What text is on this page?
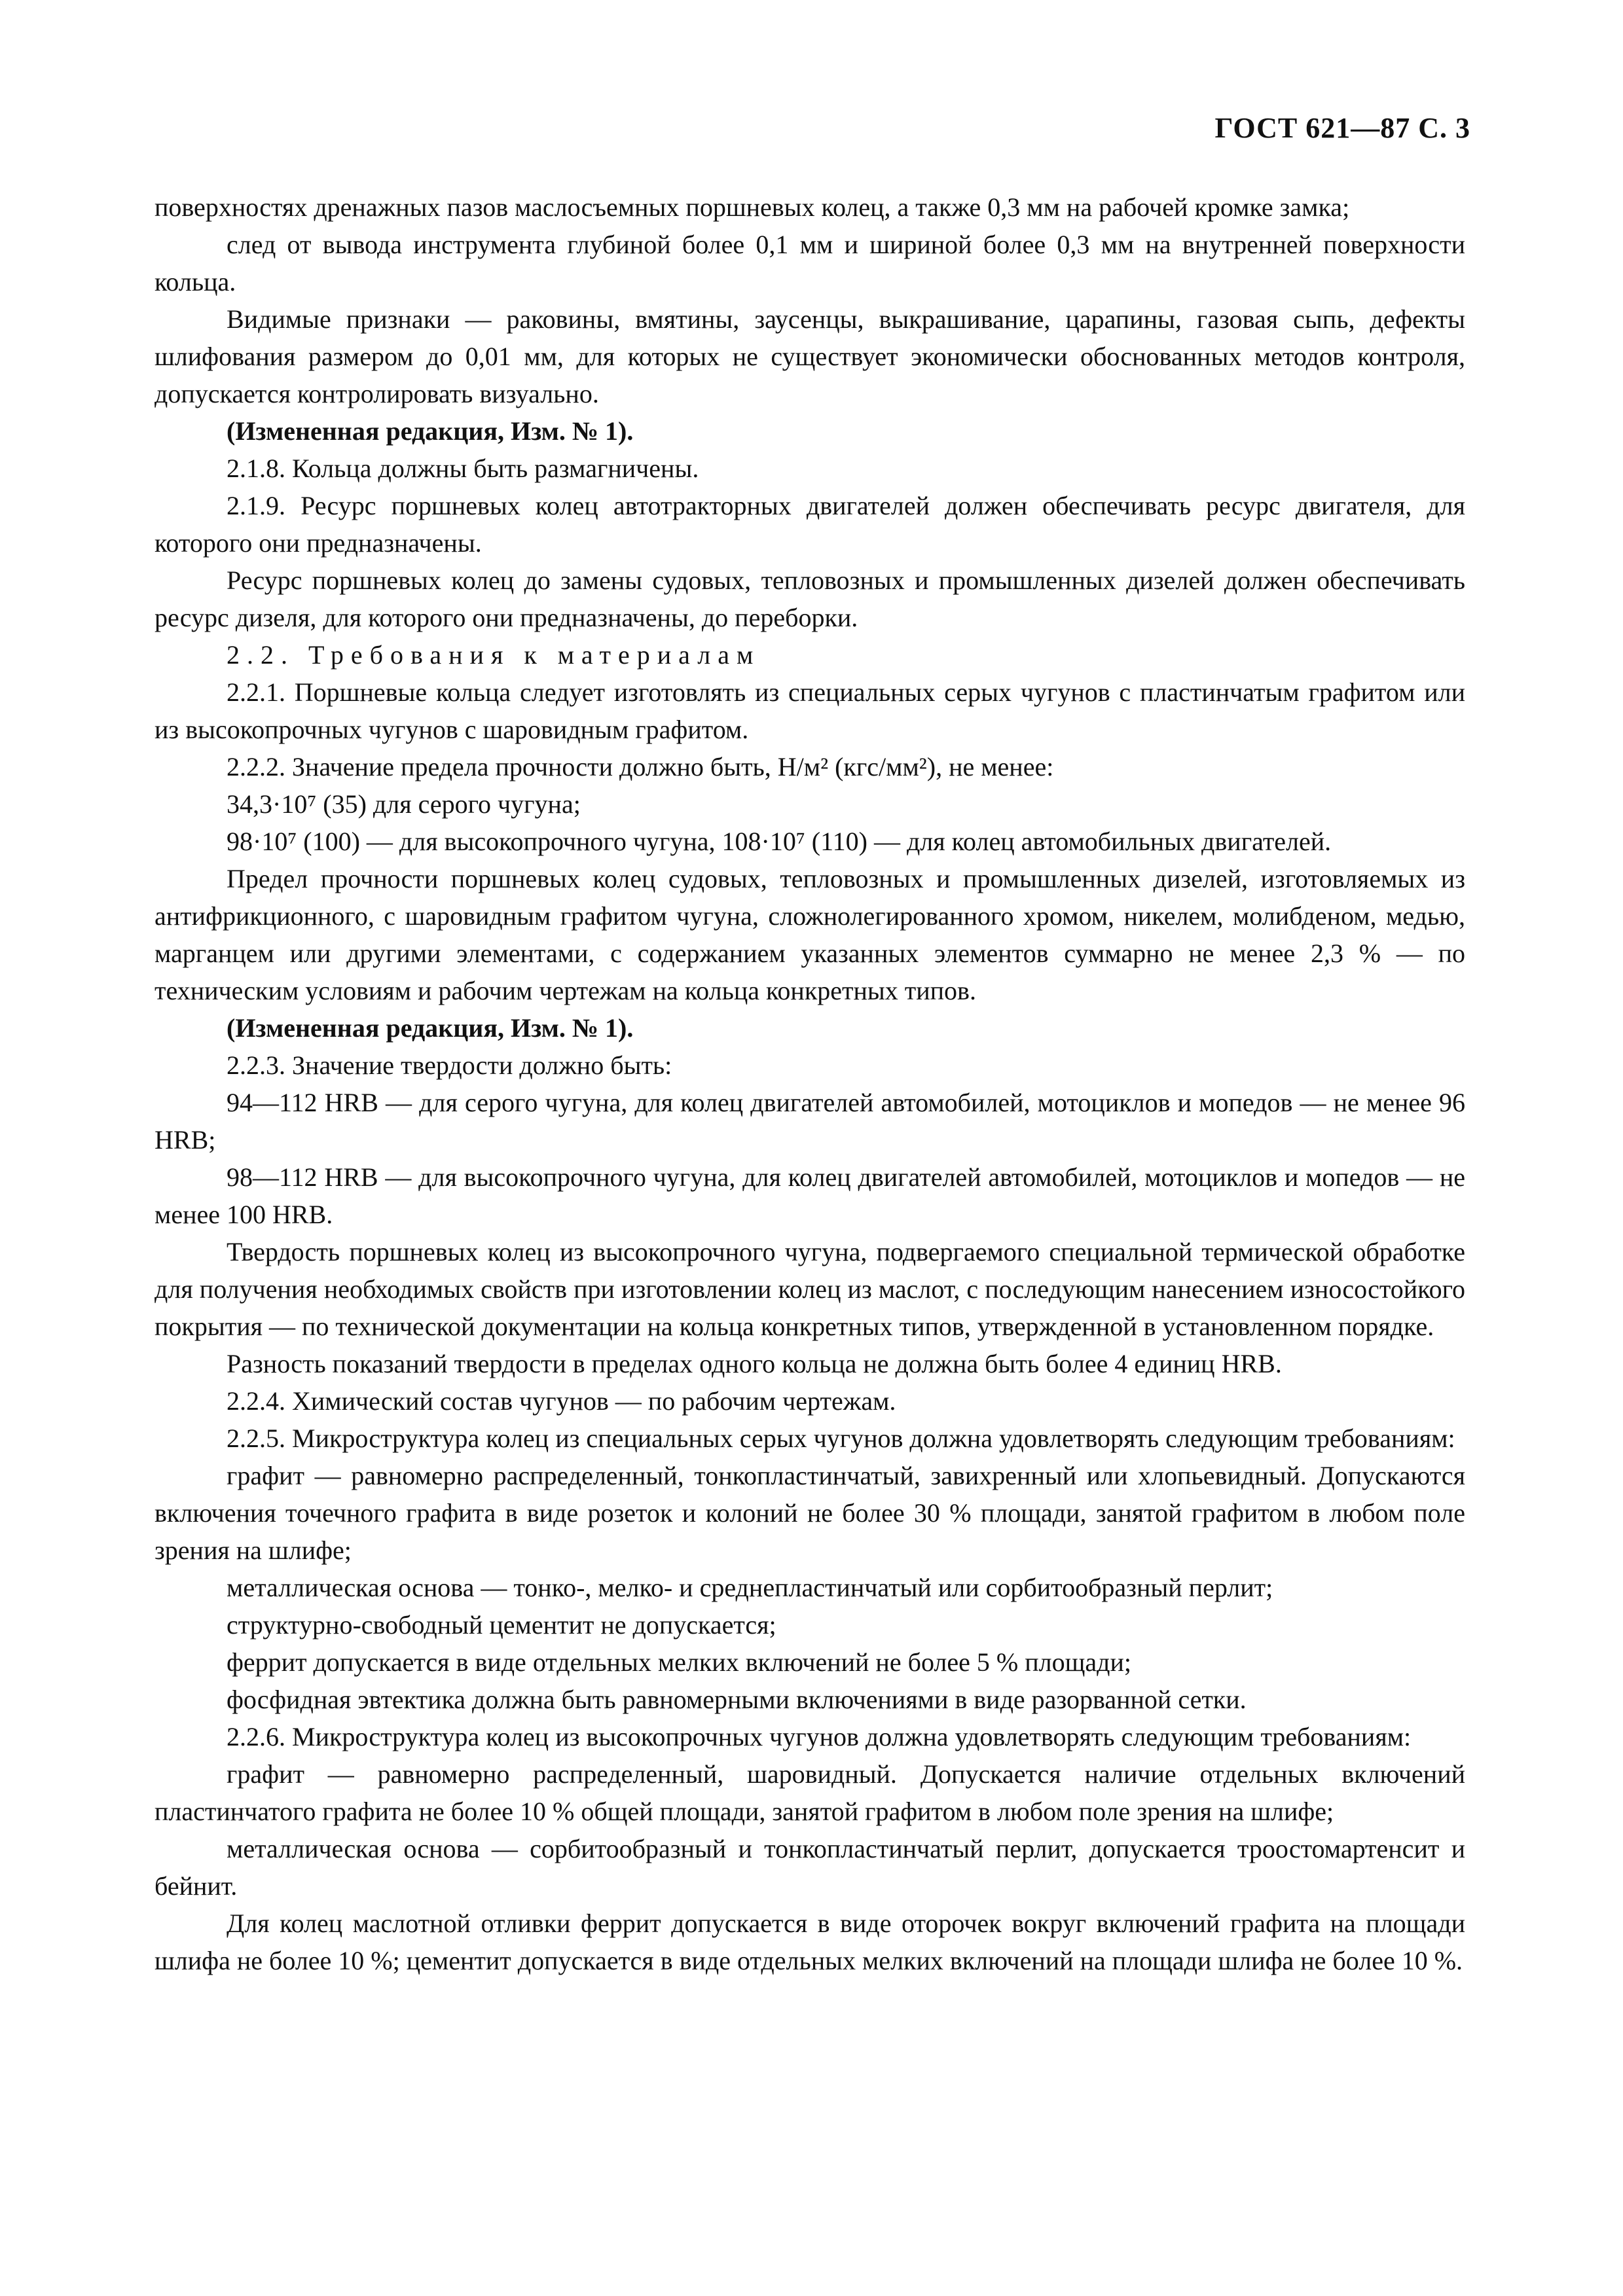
ГОСТ 621—87 С. 3

поверхностях дренажных пазов маслосъемных поршневых колец, а также 0,3 мм на рабочей кромке замка;

след от вывода инструмента глубиной более 0,1 мм и шириной более 0,3 мм на внутренней поверхности кольца.

Видимые признаки — раковины, вмятины, заусенцы, выкрашивание, царапины, газовая сыпь, дефекты шлифования размером до 0,01 мм, для которых не существует экономически обоснованных методов контроля, допускается контролировать визуально.

(Измененная редакция, Изм. № 1).

2.1.8. Кольца должны быть размагничены.

2.1.9. Ресурс поршневых колец автотракторных двигателей должен обеспечивать ресурс двигателя, для которого они предназначены.

Ресурс поршневых колец до замены судовых, тепловозных и промышленных дизелей должен обеспечивать ресурс дизеля, для которого они предназначены, до переборки.

2.2. Требования к материалам

2.2.1. Поршневые кольца следует изготовлять из специальных серых чугунов с пластинчатым графитом или из высокопрочных чугунов с шаровидным графитом.

2.2.2. Значение предела прочности должно быть, Н/м² (кгс/мм²), не менее:

34,3·10⁷ (35) для серого чугуна;

98·10⁷ (100) — для высокопрочного чугуна, 108·10⁷ (110) — для колец автомобильных двигателей.

Предел прочности поршневых колец судовых, тепловозных и промышленных дизелей, изготовляемых из антифрикционного, с шаровидным графитом чугуна, сложнолегированного хромом, никелем, молибденом, медью, марганцем или другими элементами, с содержанием указанных элементов суммарно не менее 2,3 % — по техническим условиям и рабочим чертежам на кольца конкретных типов.

(Измененная редакция, Изм. № 1).

2.2.3. Значение твердости должно быть:

94—112 HRB — для серого чугуна, для колец двигателей автомобилей, мотоциклов и мопедов — не менее 96 HRB;

98—112 HRB — для высокопрочного чугуна, для колец двигателей автомобилей, мотоциклов и мопедов — не менее 100 HRB.

Твердость поршневых колец из высокопрочного чугуна, подвергаемого специальной термической обработке для получения необходимых свойств при изготовлении колец из маслот, с последующим нанесением износостойкого покрытия — по технической документации на кольца конкретных типов, утвержденной в установленном порядке.

Разность показаний твердости в пределах одного кольца не должна быть более 4 единиц HRB.

2.2.4. Химический состав чугунов — по рабочим чертежам.

2.2.5. Микроструктура колец из специальных серых чугунов должна удовлетворять следующим требованиям:

графит — равномерно распределенный, тонкопластинчатый, завихренный или хлопьевидный. Допускаются включения точечного графита в виде розеток и колоний не более 30 % площади, занятой графитом в любом поле зрения на шлифе;

металлическая основа — тонко-, мелко- и среднепластинчатый или сорбитообразный перлит;

структурно-свободный цементит не допускается;

феррит допускается в виде отдельных мелких включений не более 5 % площади;

фосфидная эвтектика должна быть равномерными включениями в виде разорванной сетки.

2.2.6. Микроструктура колец из высокопрочных чугунов должна удовлетворять следующим требованиям:

графит — равномерно распределенный, шаровидный. Допускается наличие отдельных включений пластинчатого графита не более 10 % общей площади, занятой графитом в любом поле зрения на шлифе;

металлическая основа — сорбитообразный и тонкопластинчатый перлит, допускается троостомартенсит и бейнит.

Для колец маслотной отливки феррит допускается в виде оторочек вокруг включений графита на площади шлифа не более 10 %; цементит допускается в виде отдельных мелких включений на площади шлифа не более 10 %.
